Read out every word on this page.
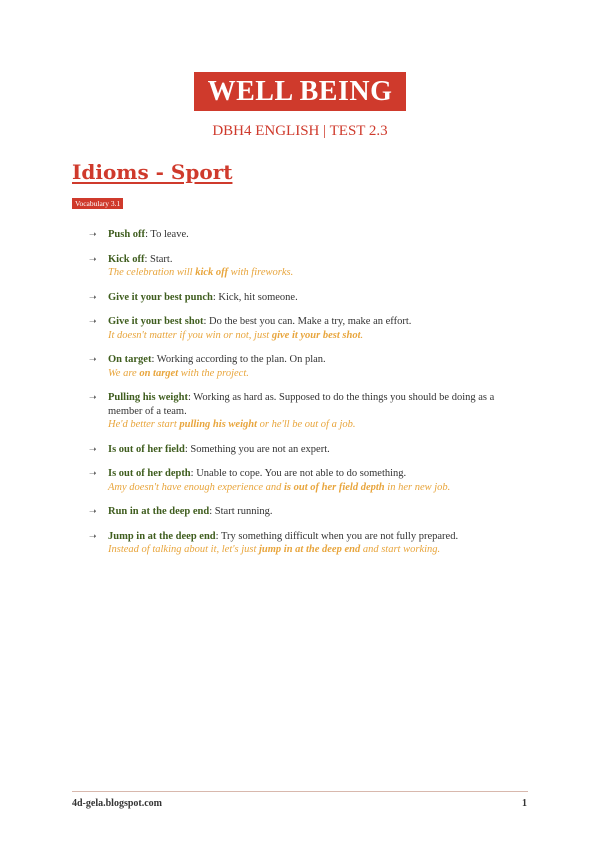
WELL BEING
DBH4 ENGLISH | TEST 2.3
Idioms - Sport
Vocabulary 3.1
➝ Push off: To leave.
➝ Kick off: Start.
The celebration will kick off with fireworks.
➝ Give it your best punch: Kick, hit someone.
➝ Give it your best shot: Do the best you can. Make a try, make an effort.
It doesn't matter if you win or not, just give it your best shot.
➝ On target: Working according to the plan. On plan.
We are on target with the project.
➝ Pulling his weight: Working as hard as. Supposed to do the things you should be doing as a member of a team.
He'd better start pulling his weight or he'll be out of a job.
➝ Is out of her field: Something you are not an expert.
➝ Is out of her depth: Unable to cope. You are not able to do something.
Amy doesn't have enough experience and is out of her field depth in her new job.
➝ Run in at the deep end: Start running.
➝ Jump in at the deep end: Try something difficult when you are not fully prepared.
Instead of talking about it, let's just jump in at the deep end and start working.
4d-gela.blogspot.com	1
